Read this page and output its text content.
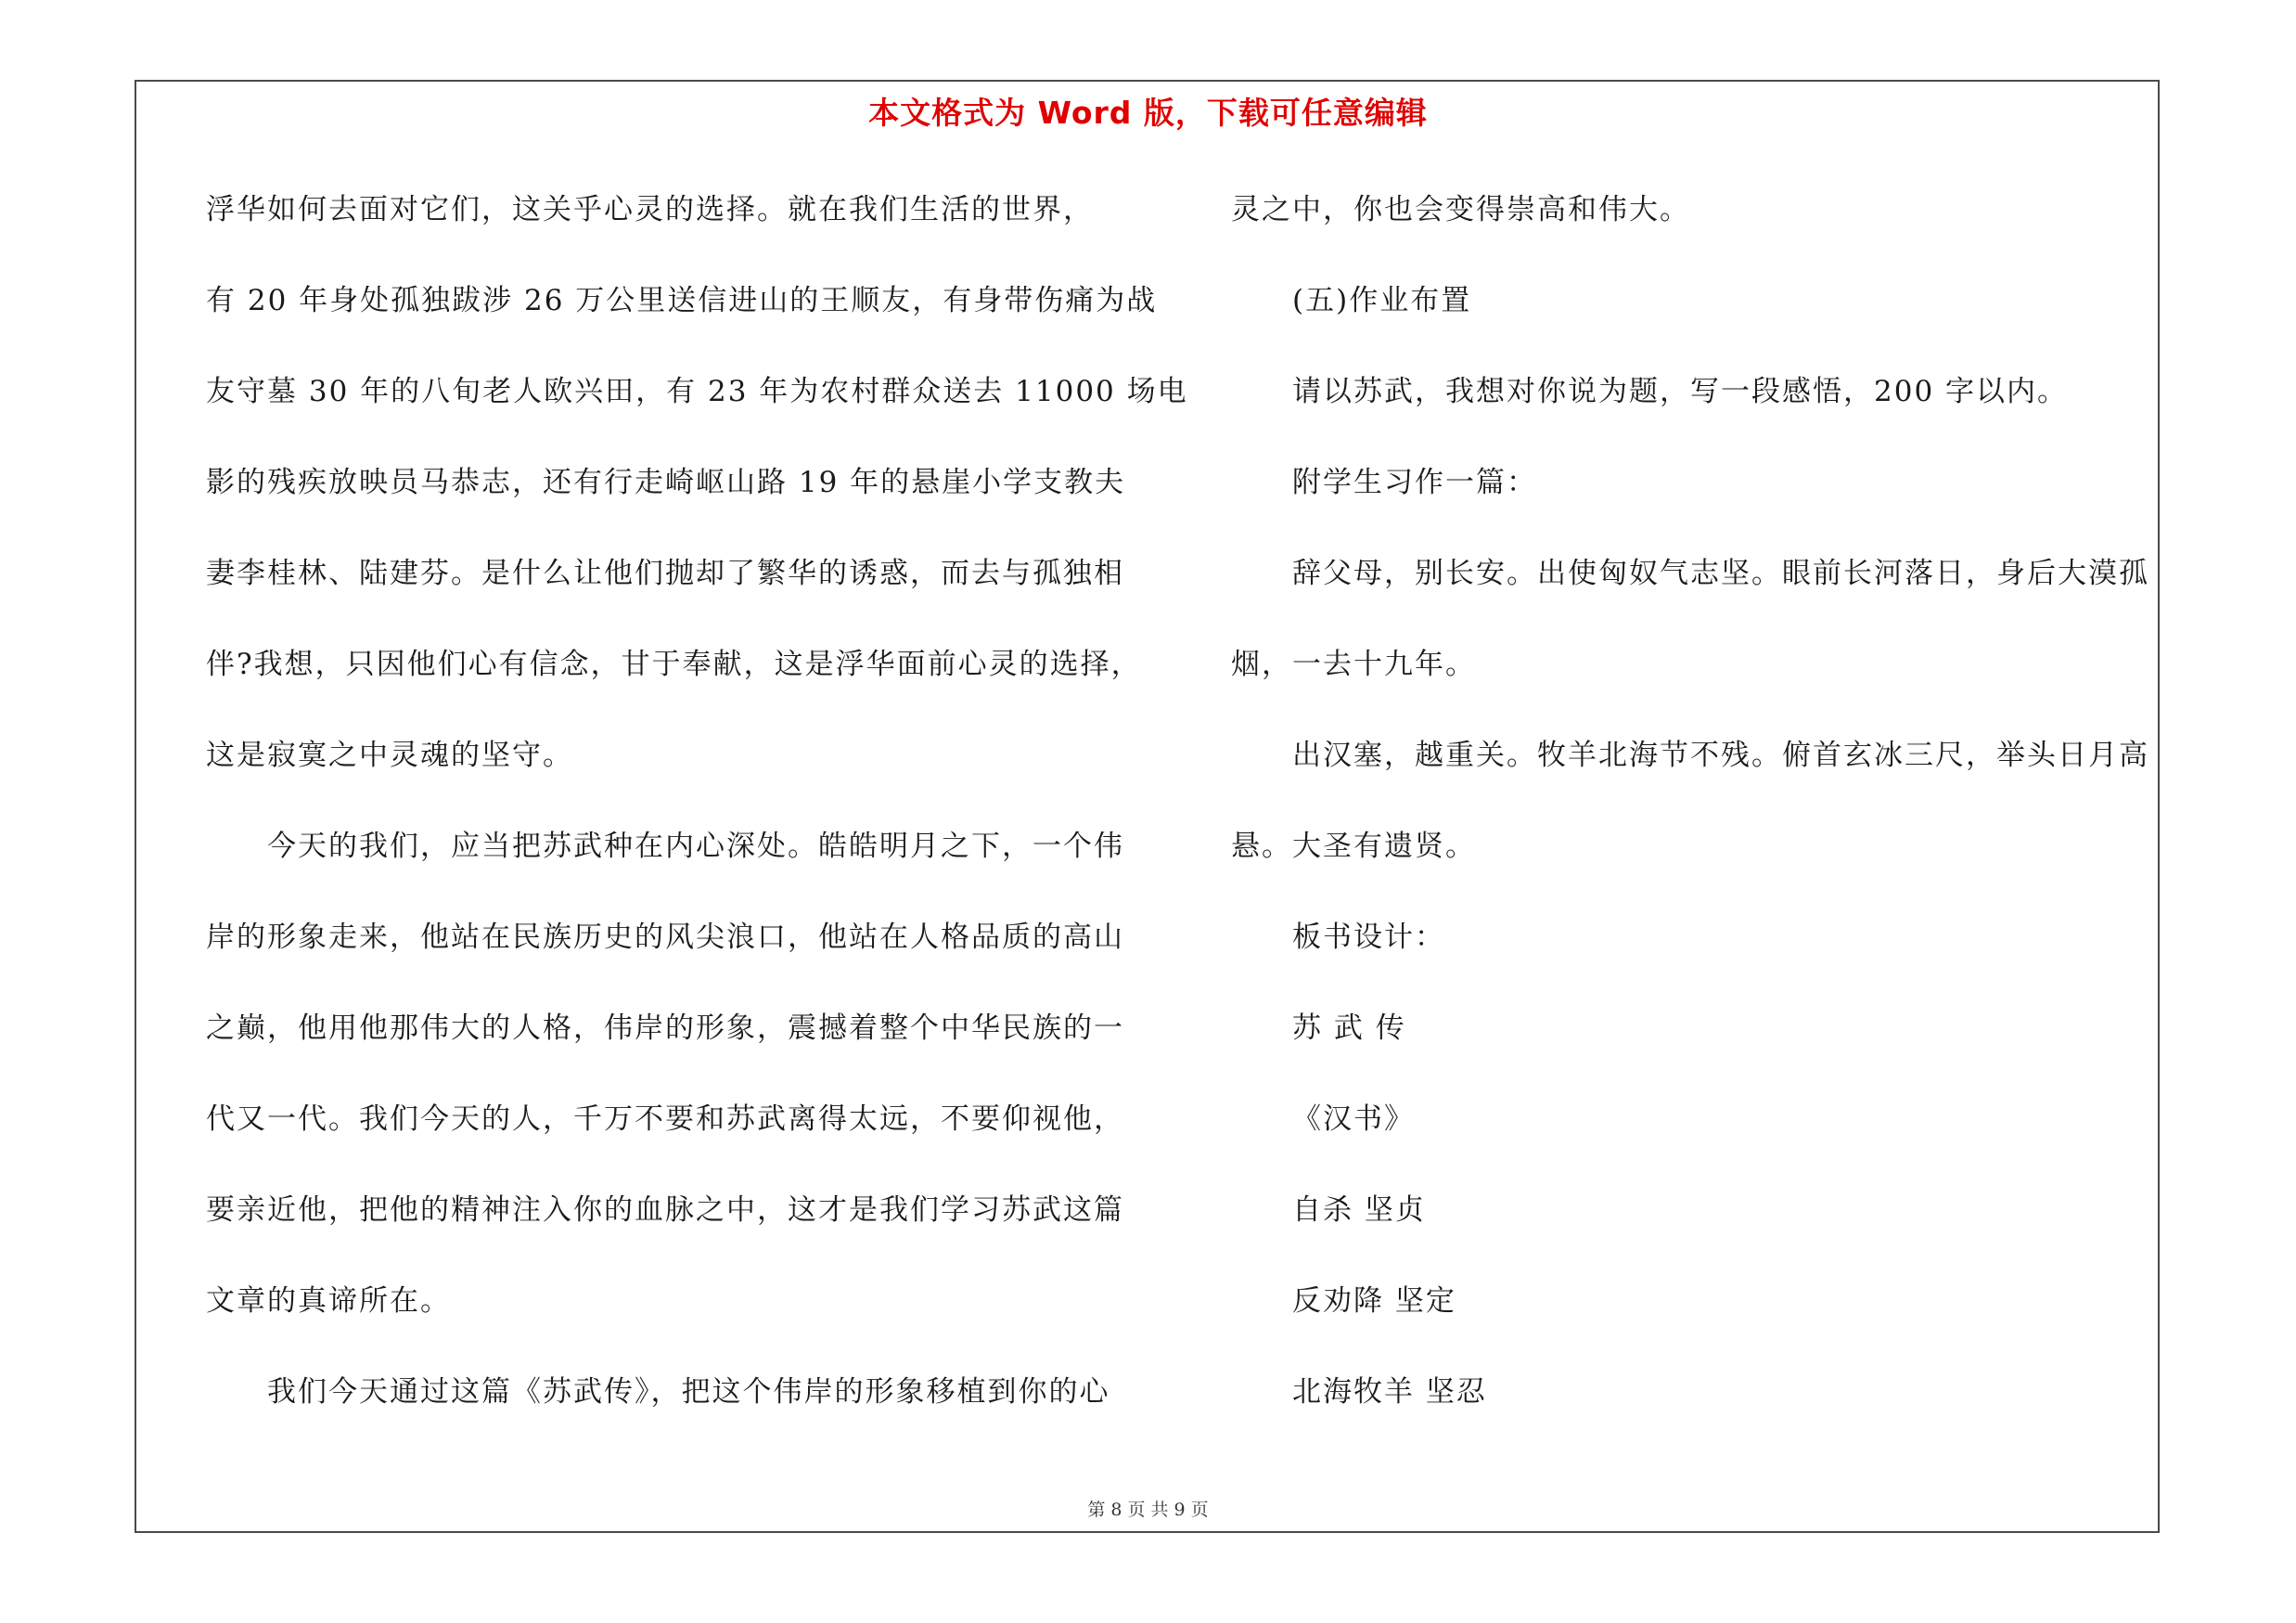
本文格式为 Word 版，下载可任意编辑
浮华如何去面对它们，这关乎心灵的选择。就在我们生活的世界，
有 20 年身处孤独跋涉 26 万公里送信进山的王顺友，有身带伤痛为战
友守墓 30 年的八旬老人欧兴田，有 23 年为农村群众送去 11000 场电
影的残疾放映员马恭志，还有行走崎岖山路 19 年的悬崖小学支教夫
妻李桂林、陆建芬。是什么让他们抛却了繁华的诱惑，而去与孤独相
伴?我想，只因他们心有信念，甘于奉献，这是浮华面前心灵的选择，
这是寂寞之中灵魂的坚守。
今天的我们，应当把苏武种在内心深处。皓皓明月之下，一个伟
岸的形象走来，他站在民族历史的风尖浪口，他站在人格品质的高山
之巅，他用他那伟大的人格，伟岸的形象，震撼着整个中华民族的一
代又一代。我们今天的人，千万不要和苏武离得太远，不要仰视他，
要亲近他，把他的精神注入你的血脉之中，这才是我们学习苏武这篇
文章的真谛所在。
我们今天通过这篇《苏武传》，把这个伟岸的形象移植到你的心
灵之中，你也会变得崇高和伟大。
(五)作业布置
请以苏武，我想对你说为题，写一段感悟，200 字以内。
附学生习作一篇：
辞父母，别长安。出使匈奴气志坚。眼前长河落日，身后大漠孤
烟，一去十九年。
出汉塞，越重关。牧羊北海节不残。俯首玄冰三尺，举头日月高
悬。大圣有遗贤。
板书设计：
苏 武 传
《汉书》
自杀 坚贞
反劝降 坚定
北海牧羊 坚忍
第 8 页 共 9 页
